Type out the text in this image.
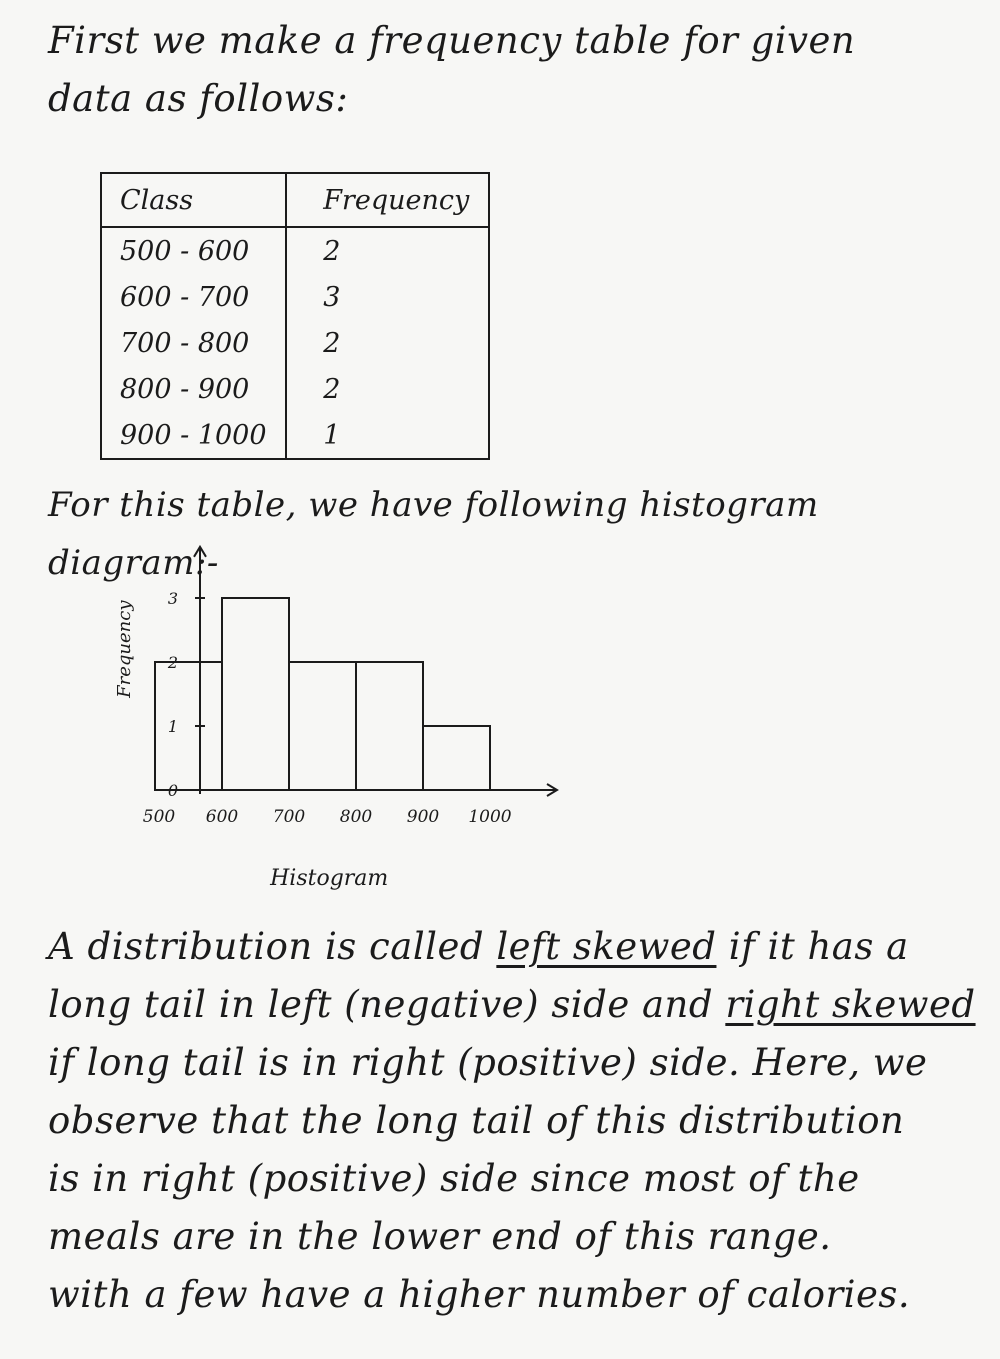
First we make a frequency table for given
data as follows:
Class	Frequency
500 - 600	2
600 - 700	3
700 - 800	2
800 - 900	2
900 - 1000	1

For this table, we have following histogram diagram:-

0
1
2
3
500 600 700 800 900 1000
Frequency
Histogram
A distribution is called left skewed if it has a
long tail in left (negative) side and right skewed
if long tail is in right (positive) side. Here, we
observe that the long tail of this distribution
is in right (positive) side since most of the
meals are in the lower end of this range.
with a few have a higher number of calories.
